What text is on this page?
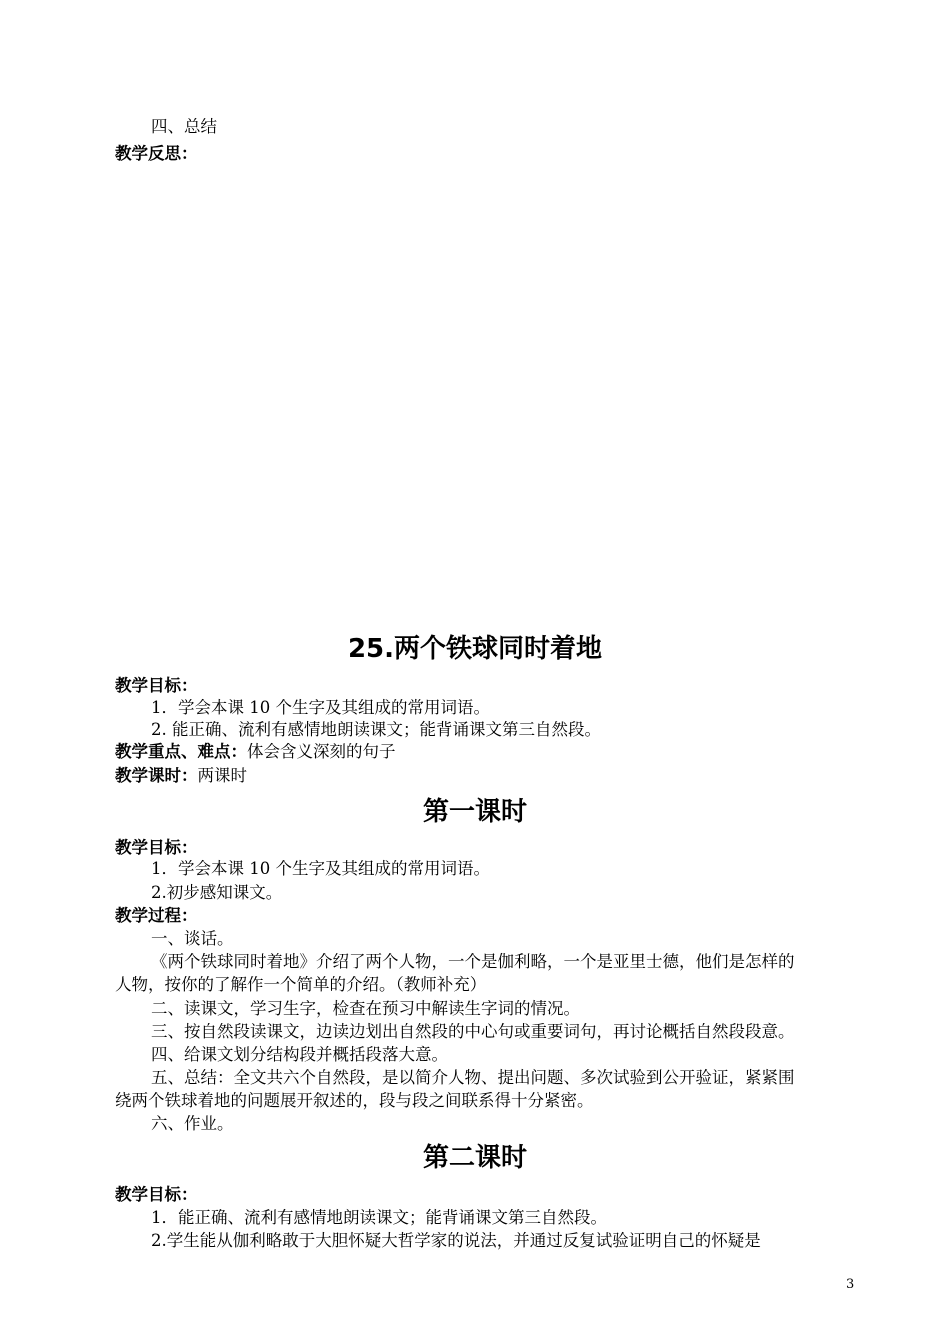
四、总结
教学反思：
25.两个铁球同时着地
教学目标：
1．学会本课 10 个生字及其组成的常用词语。
2. 能正确、流利有感情地朗读课文；能背诵课文第三自然段。
教学重点、难点：体会含义深刻的句子
教学课时：两课时
第一课时
教学目标：
1．学会本课 10 个生字及其组成的常用词语。
2.初步感知课文。
教学过程：
一、谈话。
《两个铁球同时着地》介绍了两个人物，一个是伽利略，一个是亚里士德，他们是怎样的
人物，按你的了解作一个简单的介绍。（教师补充）
二、读课文，学习生字，检查在预习中解读生字词的情况。
三、按自然段读课文，边读边划出自然段的中心句或重要词句，再讨论概括自然段段意。
四、给课文划分结构段并概括段落大意。
五、总结：全文共六个自然段，是以简介人物、提出问题、多次试验到公开验证，紧紧围
绕两个铁球着地的问题展开叙述的，段与段之间联系得十分紧密。
六、作业。
第二课时
教学目标：
1．能正确、流利有感情地朗读课文；能背诵课文第三自然段。
2.学生能从伽利略敢于大胆怀疑大哲学家的说法，并通过反复试验证明自己的怀疑是
3
